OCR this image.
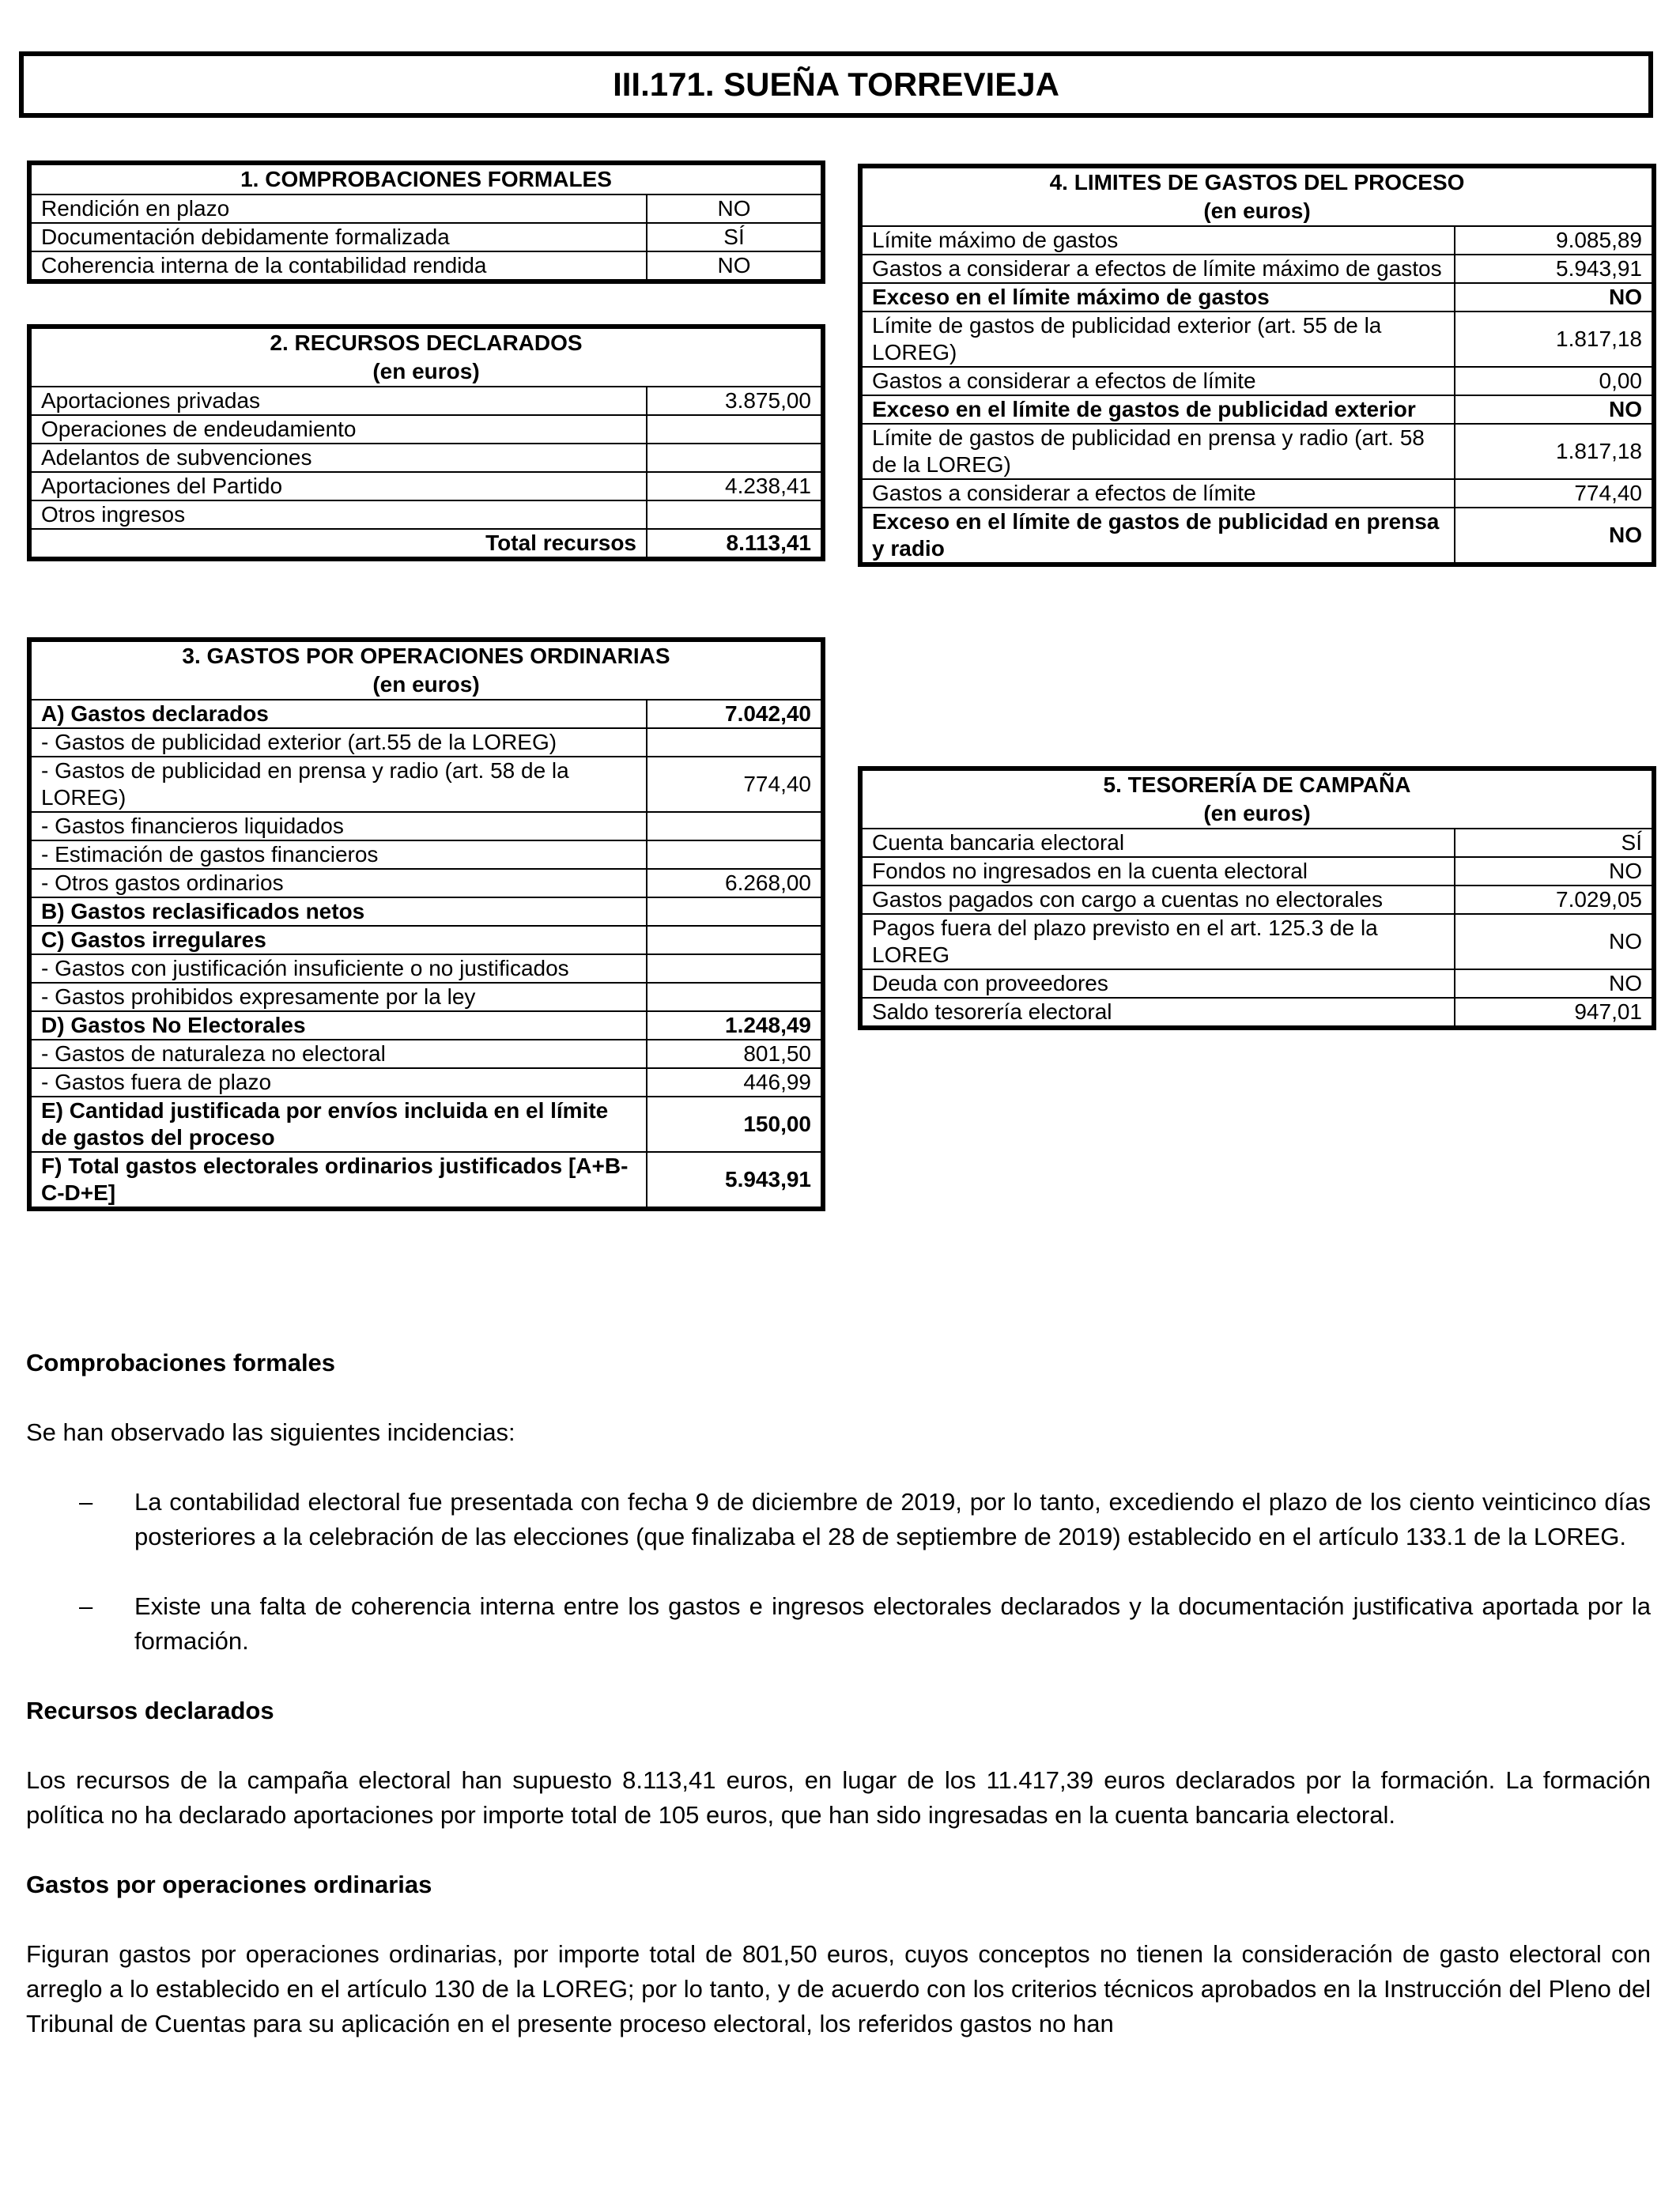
III.171. SUEÑA TORREVIEJA
1. COMPROBACIONES FORMALES	
Rendición en plazo	NO
Documentación debidamente formalizada	SÍ
Coherencia interna de la contabilidad rendida	NO
2. RECURSOS DECLARADOS
(en euros)	

Aportaciones privadas	3.875,00
Operaciones de endeudamiento	
Adelantos de subvenciones	
Aportaciones del Partido	4.238,41
Otros ingresos	
Total recursos	8.113,41
3. GASTOS POR OPERACIONES ORDINARIAS
(en euros)	

A) Gastos declarados	7.042,40
- Gastos de publicidad exterior (art.55 de la LOREG)	
- Gastos de publicidad en prensa y radio (art. 58 de la LOREG)	774,40
- Gastos financieros liquidados	
- Estimación de gastos financieros	
- Otros gastos ordinarios	6.268,00
B) Gastos reclasificados netos	
C) Gastos irregulares	
- Gastos con justificación insuficiente o no justificados	
- Gastos prohibidos expresamente por la ley	
D) Gastos No Electorales	1.248,49
- Gastos de naturaleza no electoral	801,50
- Gastos fuera de plazo	446,99
E) Cantidad justificada por envíos incluida en el límite de gastos del proceso	150,00
F) Total gastos electorales ordinarios justificados [A+B-C-D+E]	5.943,91
4. LIMITES DE GASTOS DEL PROCESO
(en euros)	

Límite máximo de gastos	9.085,89
Gastos a considerar a efectos de límite máximo de gastos	5.943,91
Exceso en el límite máximo de gastos	NO
Límite de gastos de publicidad exterior (art. 55 de la LOREG)	1.817,18
Gastos a considerar a efectos de límite	0,00
Exceso en el límite de gastos de publicidad exterior	NO
Límite de gastos de publicidad en prensa y radio (art. 58 de la LOREG)	1.817,18
Gastos a considerar a efectos de límite	774,40
Exceso en el límite de gastos de publicidad en prensa y radio	NO
5. TESORERÍA DE CAMPAÑA
(en euros)	

Cuenta bancaria electoral	SÍ
Fondos no ingresados en la cuenta electoral	NO
Gastos pagados con cargo a cuentas no electorales	7.029,05
Pagos fuera del plazo previsto en el art. 125.3 de la LOREG	NO
Deuda con proveedores	NO
Saldo tesorería electoral	947,01
Comprobaciones formales

Se han observado las siguientes incidencias:

– La contabilidad electoral fue presentada con fecha 9 de diciembre de 2019, por lo tanto, excediendo el plazo de los ciento veinticinco días posteriores a la celebración de las elecciones (que finalizaba el 28 de septiembre de 2019) establecido en el artículo 133.1 de la LOREG.
– Existe una falta de coherencia interna entre los gastos e ingresos electorales declarados y la documentación justificativa aportada por la formación.
Recursos declarados

Los recursos de la campaña electoral han supuesto 8.113,41 euros, en lugar de los 11.417,39 euros declarados por la formación. La formación política no ha declarado aportaciones por importe total de 105 euros, que han sido ingresadas en la cuenta bancaria electoral.

Gastos por operaciones ordinarias

Figuran gastos por operaciones ordinarias, por importe total de 801,50 euros, cuyos conceptos no tienen la consideración de gasto electoral con arreglo a lo establecido en el artículo 130 de la LOREG; por lo tanto, y de acuerdo con los criterios técnicos aprobados en la Instrucción del Pleno del Tribunal de Cuentas para su aplicación en el presente proceso electoral, los referidos gastos no han
